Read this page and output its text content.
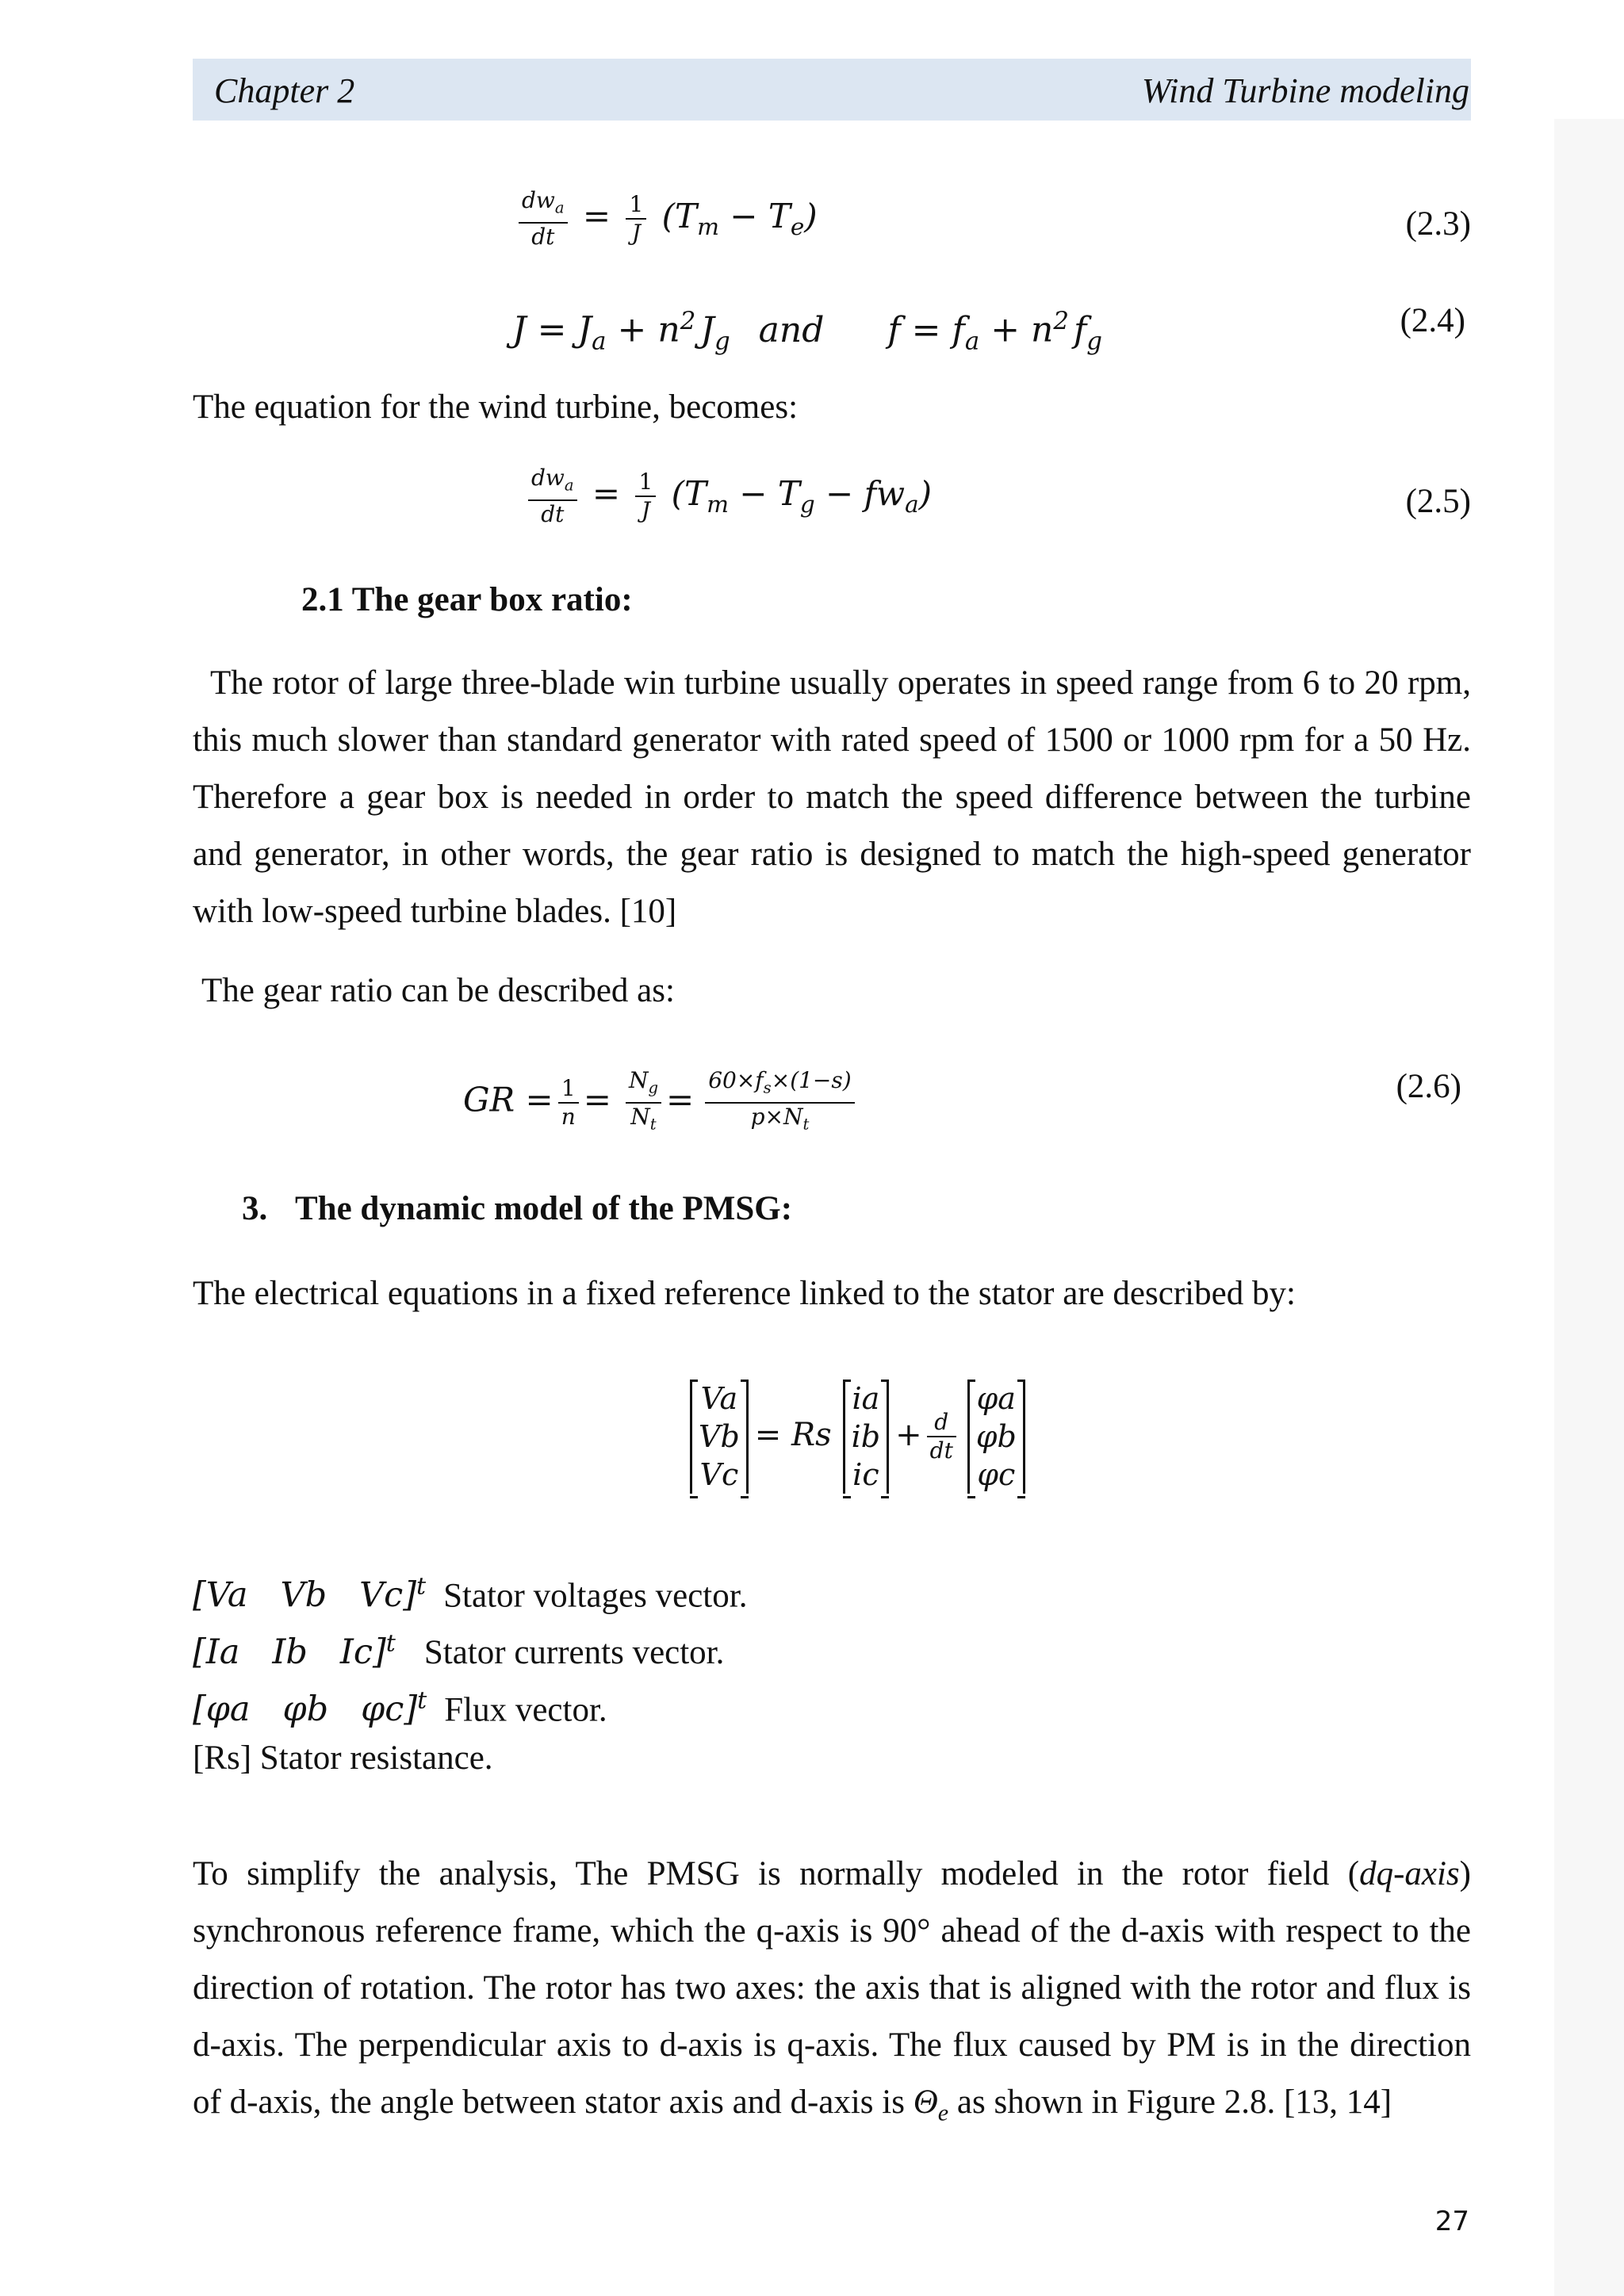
Chapter 2	Wind Turbine modeling
$\frac{dw_a}{dt} = \frac{1}{J} (T_m - T_e)$	(2.3)
$J = J_a + n^2$ $J_g$ and $f = f_a + n^2$ $f_g$
(2.4)
The equation for the wind turbine, becomes:
$\frac{dw_a}{dt} = \frac{1}{J} (T_m - T_g - fw_a)$	(2.5)
2.1 The gear box ratio:
The rotor of large three-blade win turbine usually operates in speed range from 6 to 20 rpm, this much slower than standard generator with rated speed of 1500 or 1000 rpm for a 50 Hz. Therefore a gear box is needed in order to match the speed difference between the turbine and generator, in other words, the gear ratio is designed to match the high-speed generator with low-speed turbine blades. [10]
The gear ratio can be described as:
GR = $\frac{1}{n} = \frac{N_g}{N_t} = \frac{60\times f_s\times(1-s)}{p\times N_t}$	(2.6)
3. The dynamic model of the PMSG:
The electrical equations in a fixed reference linked to the stator are described by:
Va
Vb
Vc
= Rs
ia
ib
ic
+ $\frac{d}{dt}$
φa
φb
φc
[Va   Vb   Vc]$^t$ Stator voltages vector.
[Ia   Ib   Ic]$^t$ Stator currents vector.
[φa   φb   φc]$^t$ Flux vector.
[Rs] Stator resistance.
To simplify the analysis, The PMSG is normally modeled in the rotor field (dq-axis) synchronous reference frame, which the q-axis is 90° ahead of the d-axis with respect to the direction of rotation. The rotor has two axes: the axis that is aligned with the rotor and flux is d-axis. The perpendicular axis to d-axis is q-axis. The flux caused by PM is in the direction of d-axis, the angle between stator axis and d-axis is $\Theta_e$ as shown in Figure 2.8. [13, 14]
27
